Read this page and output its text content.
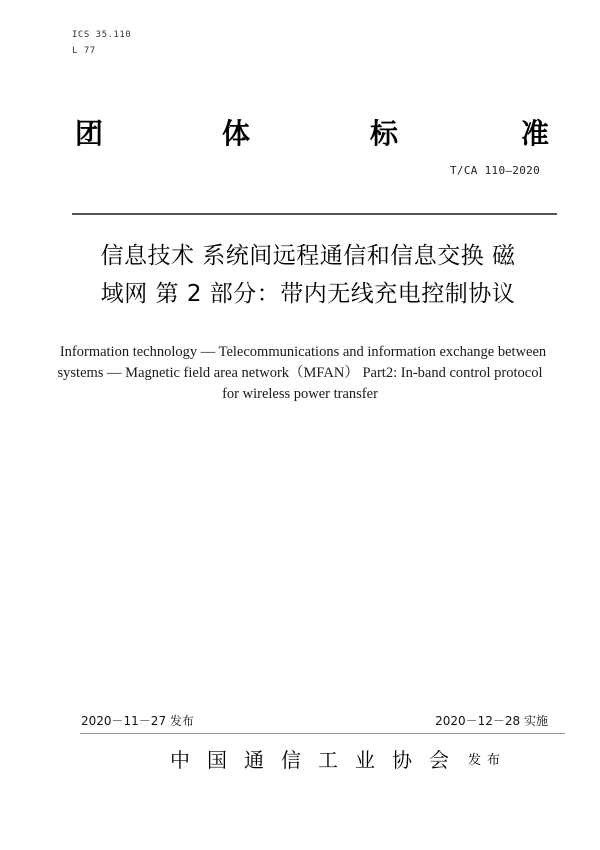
ICS 35.110
L 77
团	体	标	准
T/CA 110—2020
信息技术 系统间远程通信和信息交换 磁
域网 第 2 部分：带内无线充电控制协议
Information technology — Telecommunications and information exchange between
systems — Magnetic field area network（MFAN） Part2: In-band control protocol
for wireless power transfer
2020－11－27 发布	2020－12－28 实施
中国通信工业协会 发布
